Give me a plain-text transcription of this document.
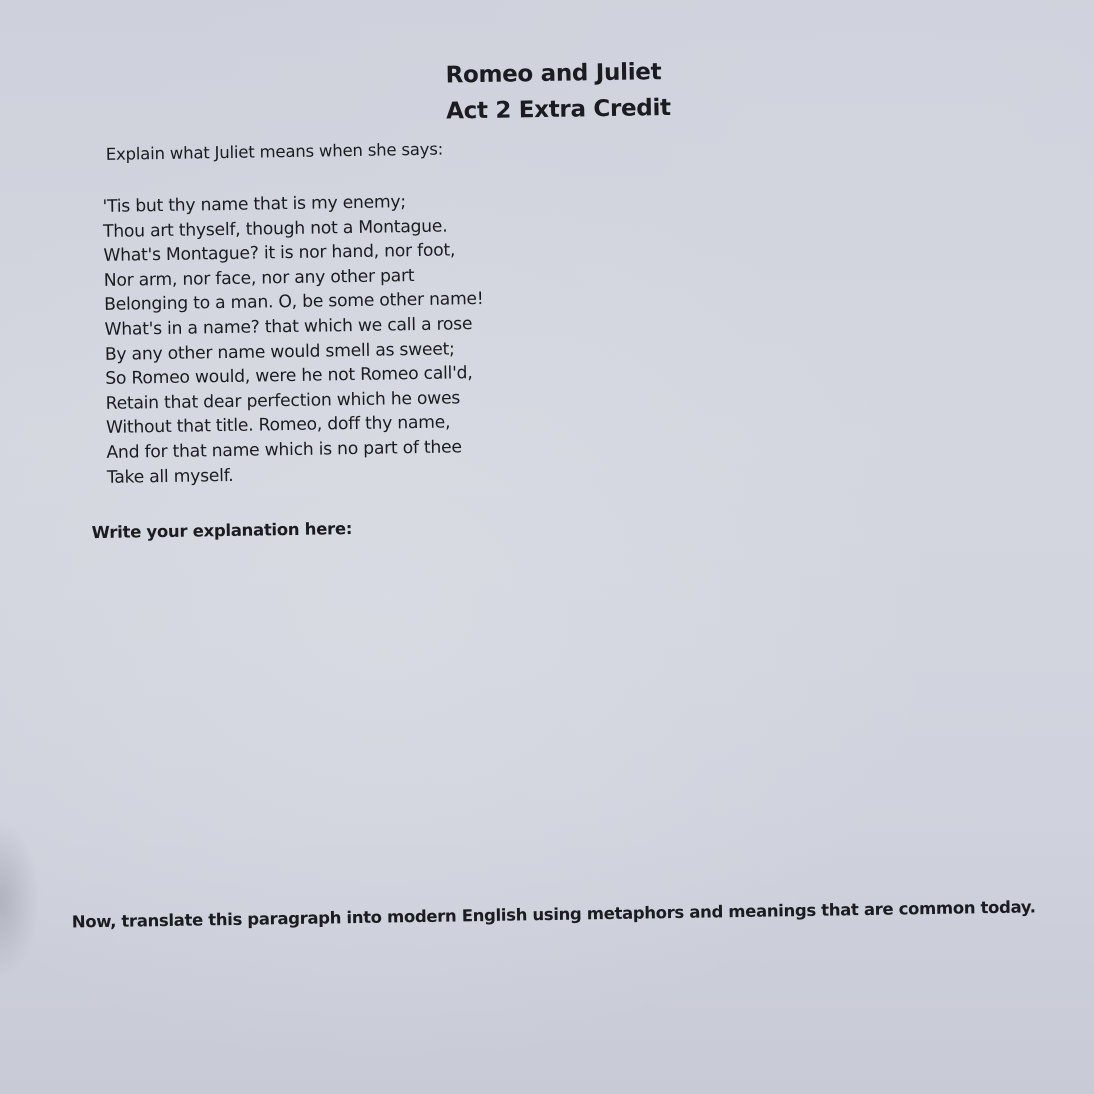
Romeo and Juliet
Act 2 Extra Credit
Explain what Juliet means when she says:
'Tis but thy name that is my enemy;
Thou art thyself, though not a Montague.
What's Montague? it is nor hand, nor foot,
Nor arm, nor face, nor any other part
Belonging to a man. O, be some other name!
What's in a name? that which we call a rose
By any other name would smell as sweet;
So Romeo would, were he not Romeo call'd,
Retain that dear perfection which he owes
Without that title. Romeo, doff thy name,
And for that name which is no part of thee
Take all myself.
Write your explanation here:
Now, translate this paragraph into modern English using metaphors and meanings that are common today.
